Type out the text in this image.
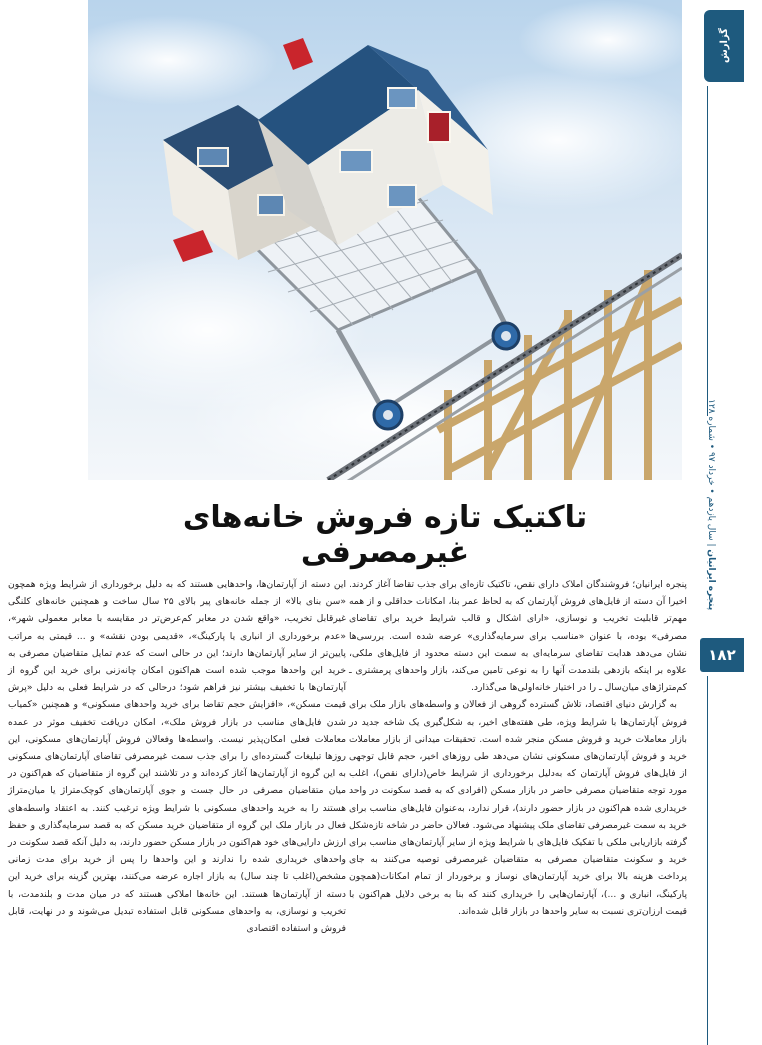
گزارش
پنجره ایرانیان | سال یازدهم • خرداد ۹۷ • شماره ۱۲۸
۱۸۲
تاکتیک تازه فروش خانه‌های غیرمصرفی

پنجره ایرانیان؛ فروشندگان املاک دارای نقص، تاکتیک تازه‌ای برای جذب تقاضا آغاز کردند. اخیرا آن دسته از فایل‌های فروش آپارتمان که به لحاظ عمر بنا، امکانات حداقلی و از همه مهم‌تر قابلیت تخریب و نوسازی، «ارای اشکال و قالب شرایط خرید برای تقاضای مصرفی» بوده‌، با عنوان «مناسب برای سرمایه‌گذاری» عرضه شده است. بررسی‌ها نشان می‌دهد هدایت تقاضای سرمایه‌ای به سمت این دسته محدود از فایل‌های ملکی، علاوه بر اینکه بازدهی بلندمدت آنها را به نوعی تامین می‌کند، بازار واحدهای پرمشتری ـ کم‌متراژهای میان‌سال ـ را در اختیار خانه‌اولی‌ها می‌گذارد.

به گزارش دنیای اقتصاد، تلاش گسترده گروهی از فعالان و واسطه‌های بازار ملک برای فروش آپارتمان‌ها با شرایط ویژه، طی هفته‌های اخیر، به شکل‌گیری یک شاخه جدید در بازار معاملات خرید و فروش مسکن منجر شده است. تحقیقات میدانی از بازار معاملات خرید و فروش آپارتمان‌های مسکونی نشان می‌دهد طی روزهای اخیر، حجم قابل توجهی از فایل‌های فروش آپارتمان که به‌دلیل برخورداری از شرایط خاص(دارای نقص)، اغلب مورد توجه متقاضیان مصرفی حاضر در بازار مسکن (افرادی که به قصد سکونت در واحد خریداری شده هم‌اکنون در بازار حضور دارند)، قرار ندارد، به‌عنوان فایل‌های مناسب برای خرید به سمت غیرمصرفی تقاضای ملک پیشنهاد می‌شود. فعالان حاضر در شاخه تازه‌شکل گرفته بازاریابی ملکی با تفکیک فایل‌های با شرایط ویژه از سایر آپارتمان‌های مناسب برای خرید و سکونت متقاضیان مصرفی به متقاضیان غیرمصرفی توصیه می‌کنند به جای پرداخت هزینه بالا برای خرید آپارتمان‌های نوساز و برخوردار از تمام امکانات(همچون پارکینگ، انباری و ...)، آپارتمان‌هایی را خریداری کنند که بنا به برخی دلایل هم‌اکنون با قیمت ارزان‌تری نسبت به سایر واحدها در بازار قابل شده‌اند.

این دسته از آپارتمان‌ها، واحدهایی هستند که به دلیل برخورداری از شرایط ویژه همچون «سن بنای بالا» از جمله خانه‌های پیر بالای ۲۵ سال ساخت و همچنین خانه‌های کلنگی غیرقابل تخریب، «واقع شدن در معابر کم‌عرض‌تر در مقایسه با معابر معمولی شهر»، «عدم برخورداری از انباری یا پارکینگ»، «قدیمی بودن نقشه» و ... قیمتی به مراتب پایین‌تر از سایر آپارتمان‌ها دارند؛ این در حالی است که عدم تمایل متقاضیان مصرفی به خرید این واحدها موجب شده است هم‌اکنون امکان چانه‌زنی برای خرید این گروه از آپارتمان‌ها با تخفیف بیشتر نیز فراهم شود؛ درحالی که در شرایط فعلی به دلیل «پرش قیمت مسکن»، «افزایش حجم تقاضا برای خرید واحدهای مسکونی» و همچنین «کمیاب شدن فایل‌های مناسب در بازار فروش ملک»، امکان دریافت تخفیف موثر در عمده معاملات فعلی امکان‌پذیر نیست. واسطه‌ها وفعالان فروش آپارتمان‌های مسکونی، این روزها تبلیغات گسترده‌ای را برای جذب سمت غیرمصرفی تقاضای آپارتمان‌های مسکونی به این گروه از آپارتمان‌ها آغاز کرده‌اند و در تلاشند این گروه از متقاضیان که هم‌اکنون در میان متقاضیان مصرفی در حال جست و جوی آپارتمان‌های کوچک‌متراژ یا میان‌متراژ هستند را به خرید واحدهای مسکونی با شرایط ویژه ترغیب کنند. به اعتقاد واسطه‌های فعال در بازار ملک این گروه از متقاضیان خرید مسکن که به قصد سرمایه‌گذاری و حفظ ارزش دارایی‌های خود هم‌اکنون در بازار مسکن حضور دارند، به دلیل آنکه قصد سکونت در واحدهای خریداری شده را ندارند و این واحدها را پس از خرید برای مدت زمانی مشخص(اغلب تا چند سال) به بازار اجاره عرضه می‌کنند، بهترین گزینه برای خرید این دسته از آپارتمان‌ها هستند. این خانه‌ها املاکی هستند که در میان مدت و بلندمدت، با تخریب و نوسازی، به واحدهای مسکونی قابل استفاده تبدیل می‌شوند و در نهایت، قابل فروش و استفاده اقتصادی
